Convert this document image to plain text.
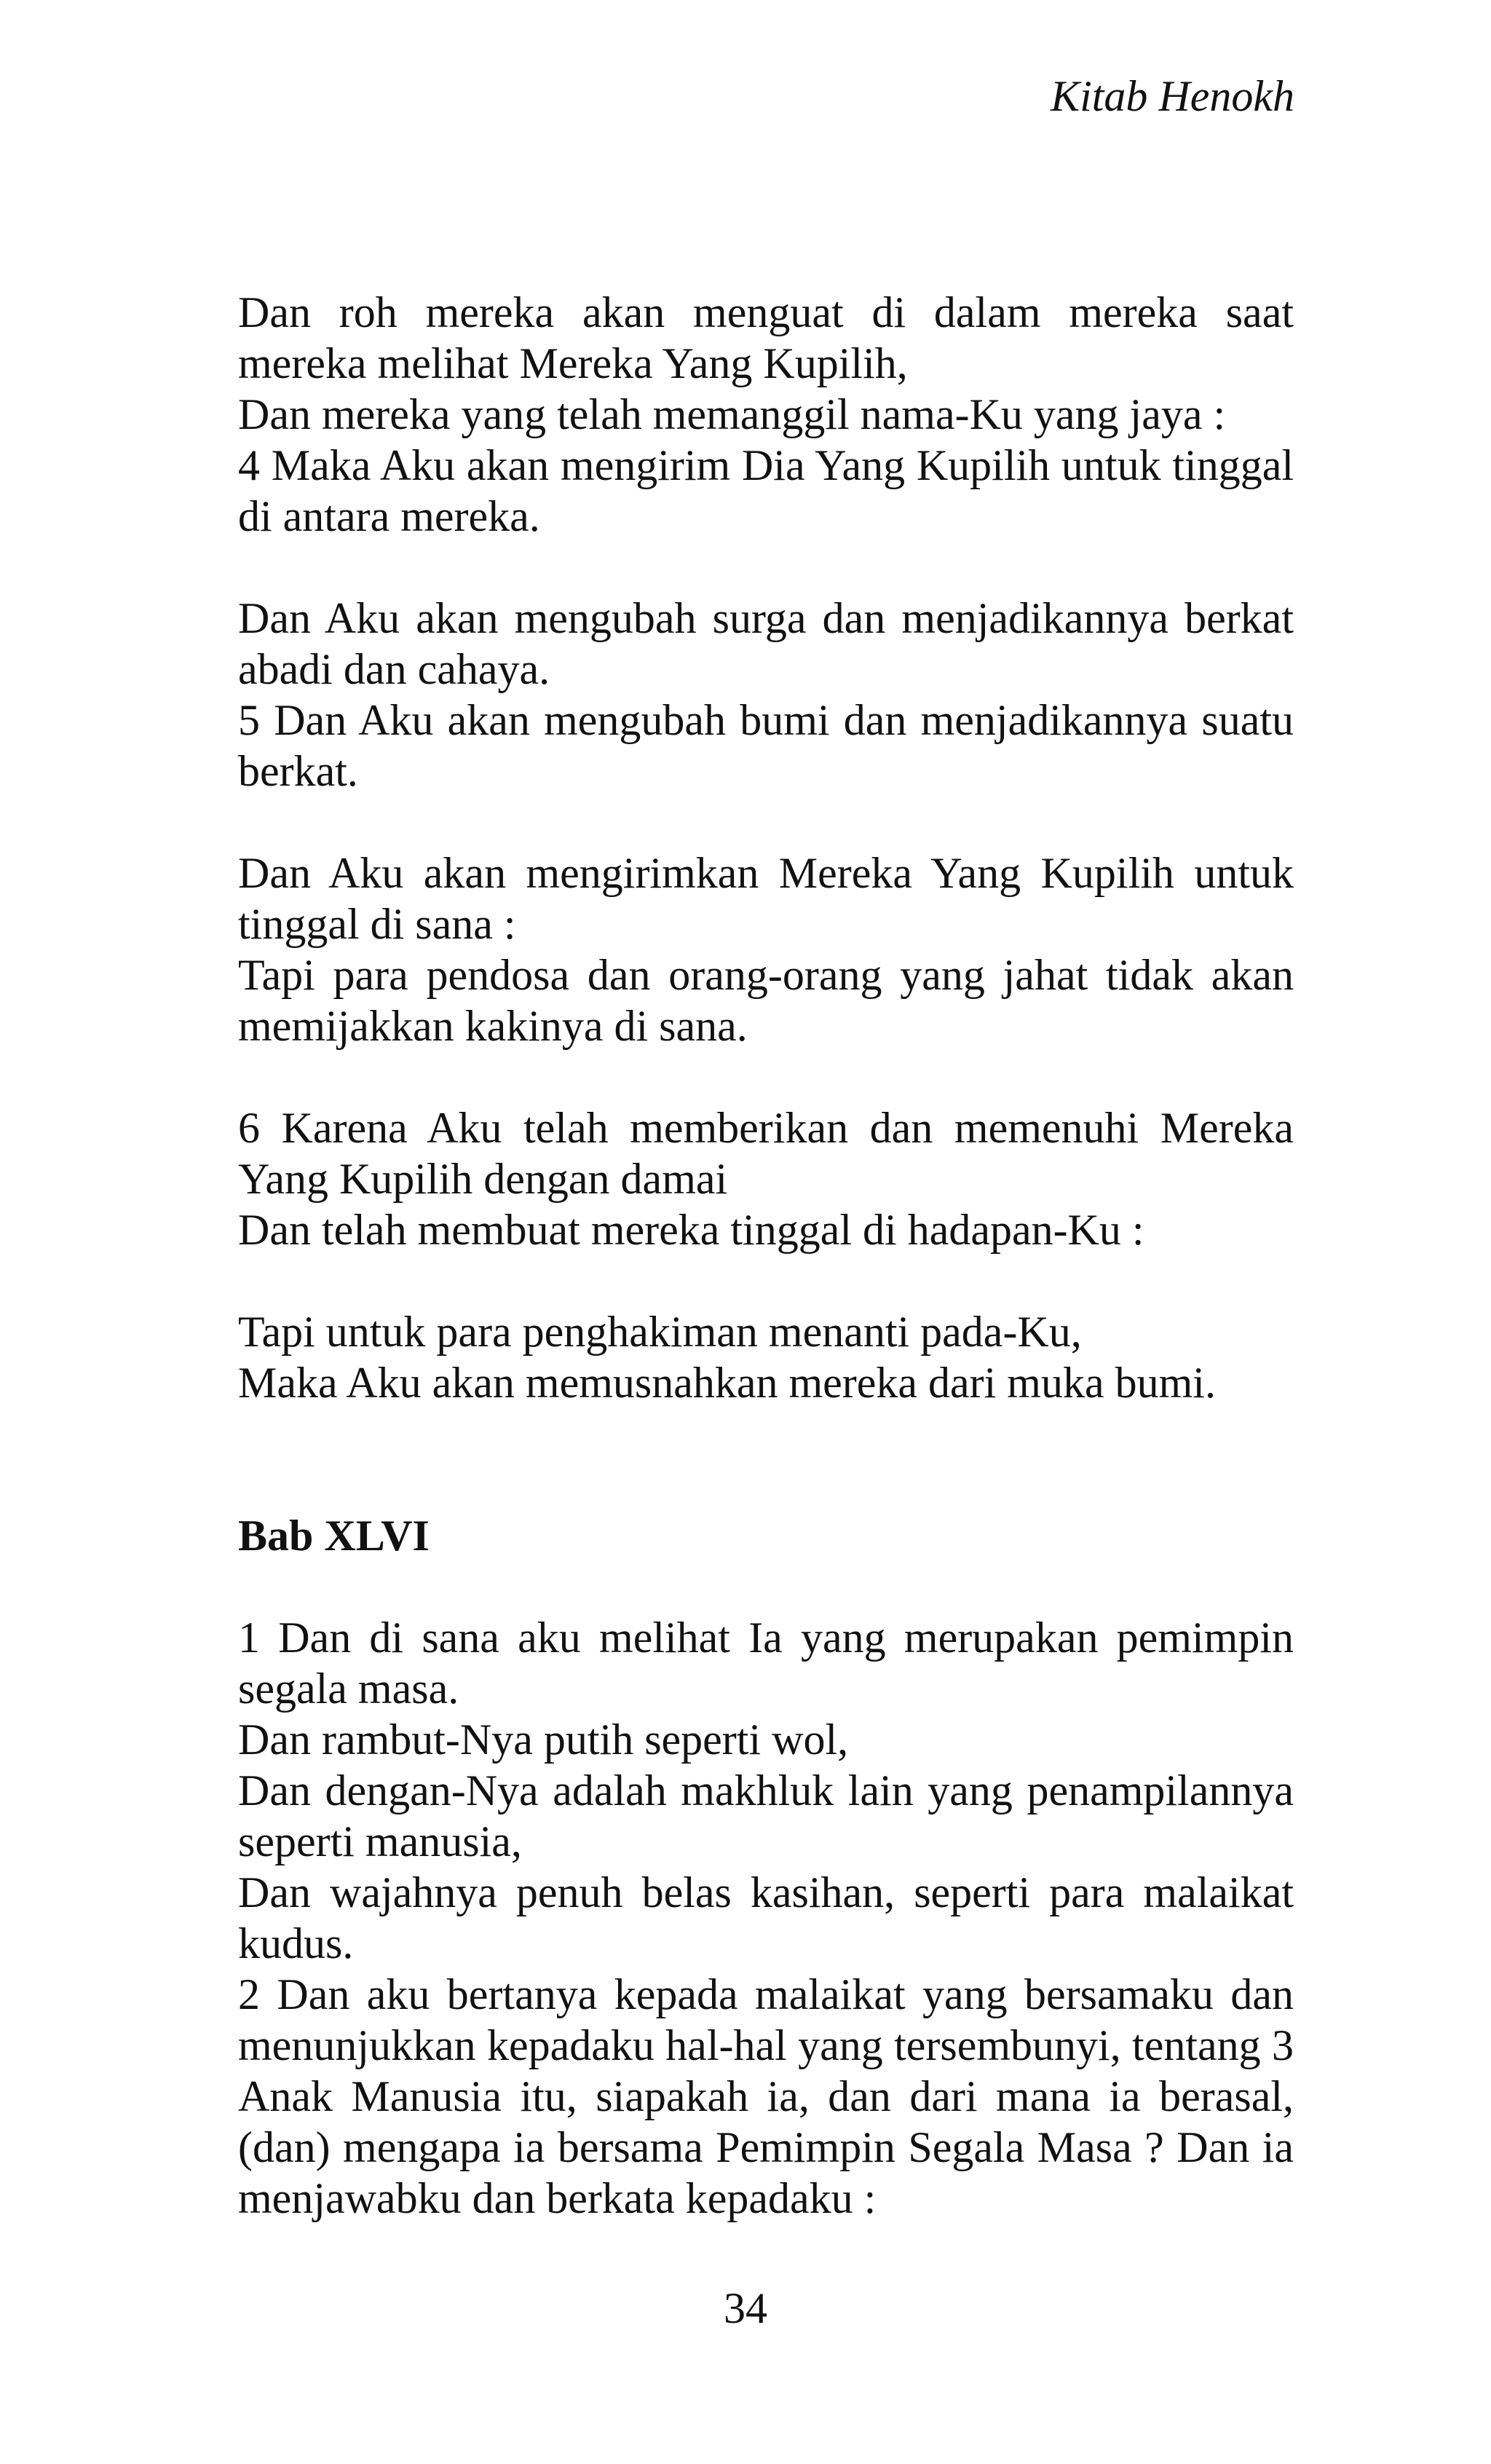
Kitab Henokh
Dan roh mereka akan menguat di dalam mereka saat mereka melihat Mereka Yang Kupilih,
Dan mereka yang telah memanggil nama-Ku yang jaya :
4 Maka Aku akan mengirim Dia Yang Kupilih untuk tinggal di antara mereka.
Dan Aku akan mengubah surga dan menjadikannya berkat abadi dan cahaya.
5 Dan Aku akan mengubah bumi dan menjadikannya suatu berkat.
Dan Aku akan mengirimkan Mereka Yang Kupilih untuk tinggal di sana :
Tapi para pendosa dan orang-orang yang jahat tidak akan memijakkan kakinya di sana.
6 Karena Aku telah memberikan dan memenuhi Mereka Yang Kupilih dengan damai
Dan telah membuat mereka tinggal di hadapan-Ku :
Tapi untuk para penghakiman menanti pada-Ku,
Maka Aku akan memusnahkan mereka dari muka bumi.
Bab XLVI
1 Dan di sana aku melihat Ia yang merupakan pemimpin segala masa.
Dan rambut-Nya putih seperti wol,
Dan dengan-Nya adalah makhluk lain yang penampilannya seperti manusia,
Dan wajahnya penuh belas kasihan, seperti para malaikat kudus.
2 Dan aku bertanya kepada malaikat yang bersamaku dan menunjukkan kepadaku hal-hal yang tersembunyi, tentang 3 Anak Manusia itu, siapakah ia, dan dari mana ia berasal, (dan) mengapa ia bersama Pemimpin Segala Masa ? Dan ia menjawabku dan berkata kepadaku :
34
